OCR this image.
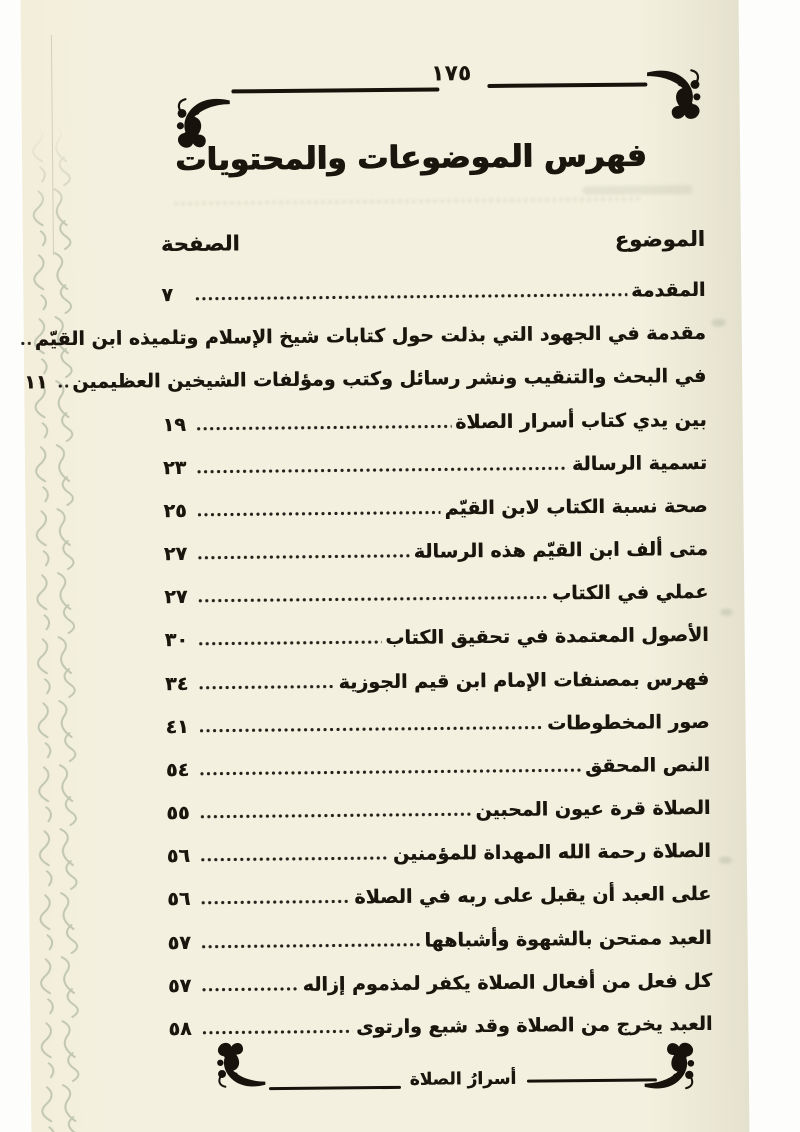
١٧٥
فهرس الموضوعات والمحتويات
الموضوع
الصفحة
المقدمة
٧
مقدمة في الجهود التي بذلت حول كتابات شيخ الإسلام وتلميذه ابن القيّم
في البحث والتنقيب ونشر رسائل وكتب ومؤلفات الشيخين العظيمين
١١
بين يدي كتاب أسرار الصلاة
١٩
تسمية الرسالة
٢٣
صحة نسبة الكتاب لابن القيّم
٢٥
متى ألف ابن القيّم هذه الرسالة
٢٧
عملي في الكتاب
٢٧
الأصول المعتمدة في تحقيق الكتاب
٣٠
فهرس بمصنفات الإمام ابن قيم الجوزية
٣٤
صور المخطوطات
٤١
النص المحقق
٥٤
الصلاة قرة عيون المحبين
٥٥
الصلاة رحمة الله المهداة للمؤمنين
٥٦
على العبد أن يقبل على ربه في الصلاة
٥٦
العبد ممتحن بالشهوة وأشباهها
٥٧
كل فعل من أفعال الصلاة يكفر لمذموم إزاله
٥٧
العبد يخرج من الصلاة وقد شبع وارتوى
٥٨
أسرارُ الصلاة
